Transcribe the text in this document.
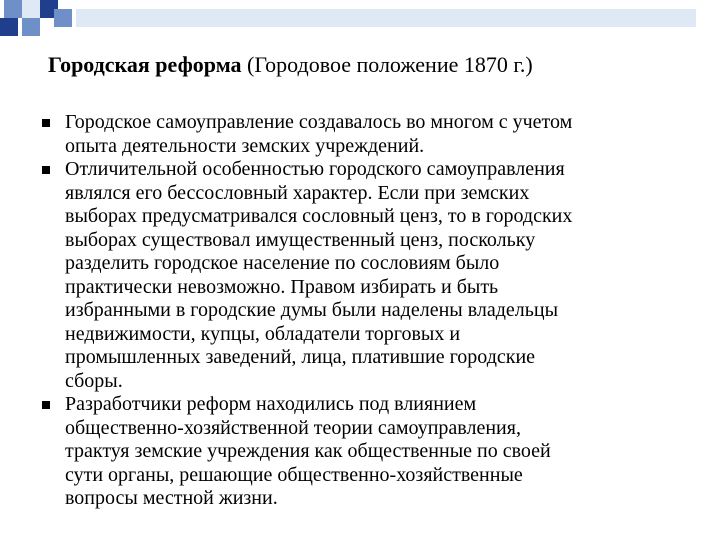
Городская реформа (Городовое положение 1870 г.)
Городское самоуправление создавалось во многом с учетом
опыта деятельности земских учреждений.
Отличительной особенностью городского самоуправления
являлся его бессословный характер. Если при земских
выборах предусматривался сословный ценз, то в городских
выборах существовал имущественный ценз, поскольку
разделить городское население по сословиям было
практически невозможно. Правом избирать и быть
избранными в городские думы были наделены владельцы
недвижимости, купцы, обладатели торговых и
промышленных заведений, лица, платившие городские
сборы.
Разработчики реформ находились под влиянием
общественно-хозяйственной теории самоуправления,
трактуя земские учреждения как общественные по своей
сути органы, решающие общественно-хозяйственные
вопросы местной жизни.
